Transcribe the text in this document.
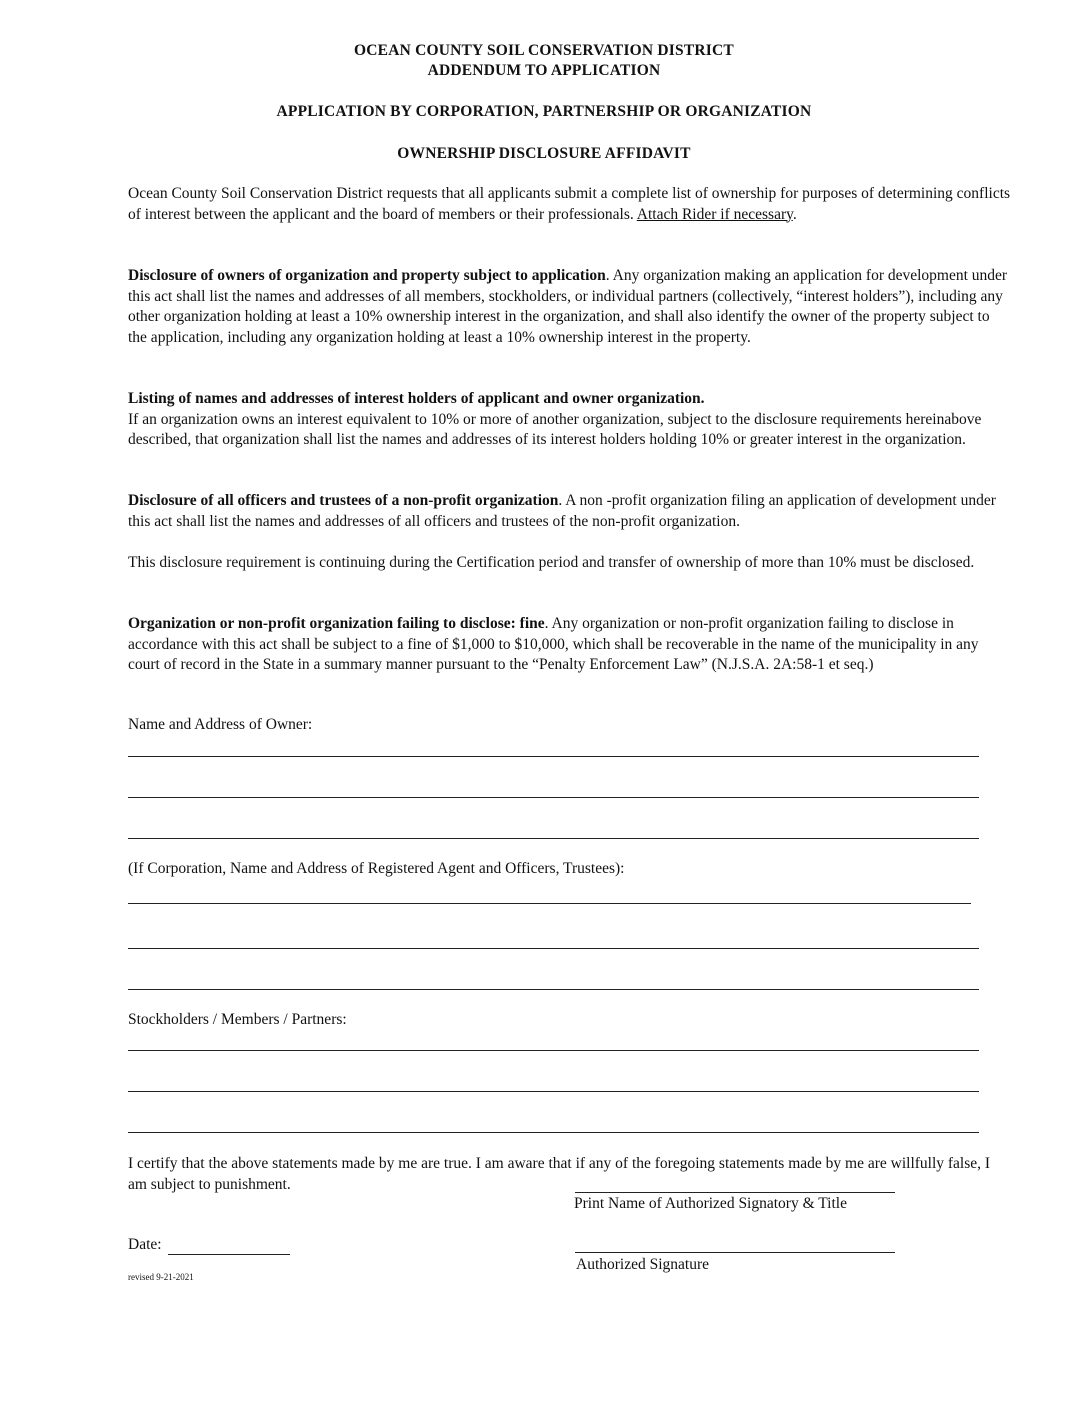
OCEAN COUNTY SOIL CONSERVATION DISTRICT
ADDENDUM TO APPLICATION
APPLICATION BY CORPORATION, PARTNERSHIP OR ORGANIZATION
OWNERSHIP DISCLOSURE AFFIDAVIT
Ocean County Soil Conservation District requests that all applicants submit a complete list of ownership for purposes of determining conflicts of interest between the applicant and the board of members or their professionals. Attach Rider if necessary.
Disclosure of owners of organization and property subject to application. Any organization making an application for development under this act shall list the names and addresses of all members, stockholders, or individual partners (collectively, “interest holders”), including any other organization holding at least a 10% ownership interest in the organization, and shall also identify the owner of the property subject to the application, including any organization holding at least a 10% ownership interest in the property.
Listing of names and addresses of interest holders of applicant and owner organization.
If an organization owns an interest equivalent to 10% or more of another organization, subject to the disclosure requirements hereinabove described, that organization shall list the names and addresses of its interest holders holding 10% or greater interest in the organization.
Disclosure of all officers and trustees of a non-profit organization. A non -profit organization filing an application of development under this act shall list the names and addresses of all officers and trustees of the non-profit organization.
This disclosure requirement is continuing during the Certification period and transfer of ownership of more than 10% must be disclosed.
Organization or non-profit organization failing to disclose: fine. Any organization or non-profit organization failing to disclose in accordance with this act shall be subject to a fine of $1,000 to $10,000, which shall be recoverable in the name of the municipality in any court of record in the State in a summary manner pursuant to the “Penalty Enforcement Law” (N.J.S.A. 2A:58-1 et seq.)
Name and Address of Owner:
(If Corporation, Name and Address of Registered Agent and Officers, Trustees):
Stockholders / Members / Partners:
I certify that the above statements made by me are true. I am aware that if any of the foregoing statements made by me are willfully false, I am subject to punishment.
Print Name of Authorized Signatory & Title
Date:
Authorized Signature
revised 9-21-2021
